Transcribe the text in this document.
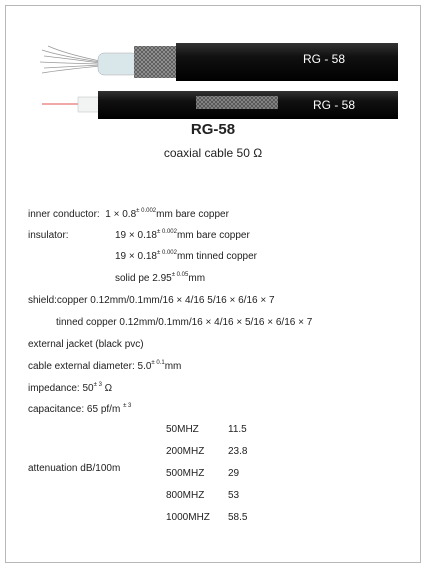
RG - 58
RG - 58
RG-58
coaxial cable 50 Ω
inner conductor: $1 \times 0.8^{\pm 0.002}mm$ bare copper
insulator:	$19 \times 0.18^{\pm 0.002}mm$ bare copper
$19 \times 0.18^{\pm 0.002}mm$ tinned copper
solid pe $2.95^{\pm 0.05}mm$
shield:copper 0.12mm/0.1mm/16 × 4/16 5/16 × 6/16 × 7
tinned copper 0.12mm/0.1mm/16 × 4/16 × 5/16 × 6/16 × 7
external jacket (black pvc)
cable external diameter: $5.0^{\pm 0.1}mm$
impedance: $50^{\pm 3}$ Ω
capacitance: 65 pf/m $^{\pm 3}$
attenuation dB/100m
50MHZ	11.5
200MHZ 23.8
500MHZ 29
800MHZ 53
1000MHZ 58.5
